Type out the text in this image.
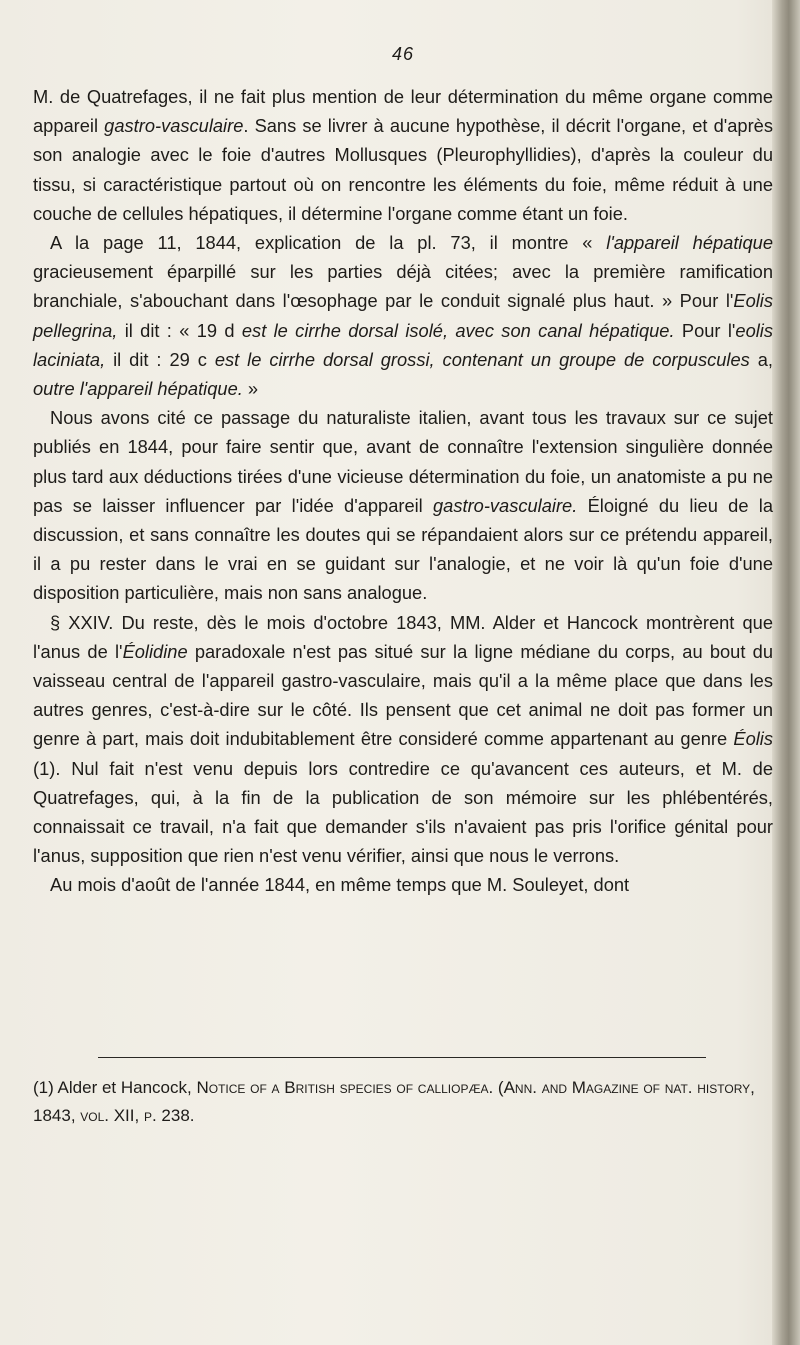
46

M. de Quatrefages, il ne fait plus mention de leur détermination du même organe comme appareil gastro-vasculaire. Sans se livrer à aucune hypothèse, il décrit l'organe, et d'après son analogie avec le foie d'autres Mollusques (Pleurophyllidies), d'après la couleur du tissu, si caractéristique partout où on rencontre les éléments du foie, même réduit à une couche de cellules hépatiques, il détermine l'organe comme étant un foie.

A la page 11, 1844, explication de la pl. 73, il montre « l'appareil hépatique gracieusement éparpillé sur les parties déjà citées; avec la première ramification branchiale, s'abouchant dans l'œsophage par le conduit signalé plus haut. » Pour l'Eolis pellegrina, il dit : « 19 d est le cirrhe dorsal isolé, avec son canal hépatique. Pour l'eolis laciniata, il dit : 29 c est le cirrhe dorsal grossi, contenant un groupe de corpuscules a, outre l'appareil hépatique. »

Nous avons cité ce passage du naturaliste italien, avant tous les travaux sur ce sujet publiés en 1844, pour faire sentir que, avant de connaître l'extension singulière donnée plus tard aux déductions tirées d'une vicieuse détermination du foie, un anatomiste a pu ne pas se laisser influencer par l'idée d'appareil gastro-vasculaire. Éloigné du lieu de la discussion, et sans connaître les doutes qui se répandaient alors sur ce prétendu appareil, il a pu rester dans le vrai en se guidant sur l'analogie, et ne voir là qu'un foie d'une disposition particulière, mais non sans analogue.

§ XXIV. Du reste, dès le mois d'octobre 1843, MM. Alder et Hancock montrèrent que l'anus de l'Éolidine paradoxale n'est pas situé sur la ligne médiane du corps, au bout du vaisseau central de l'appareil gastro-vasculaire, mais qu'il a la même place que dans les autres genres, c'est-à-dire sur le côté. Ils pensent que cet animal ne doit pas former un genre à part, mais doit indubitablement être consideré comme appartenant au genre Éolis (1). Nul fait n'est venu depuis lors contredire ce qu'avancent ces auteurs, et M. de Quatrefages, qui, à la fin de la publication de son mémoire sur les phlébentérés, connaissait ce travail, n'a fait que demander s'ils n'avaient pas pris l'orifice génital pour l'anus, supposition que rien n'est venu vérifier, ainsi que nous le verrons.

Au mois d'août de l'année 1844, en même temps que M. Souleyet, dont

(1) Alder et Hancock, Notice of a British species of calliopæa. (Ann. and Magazine of nat. history, 1843, vol. XII, p. 238.
